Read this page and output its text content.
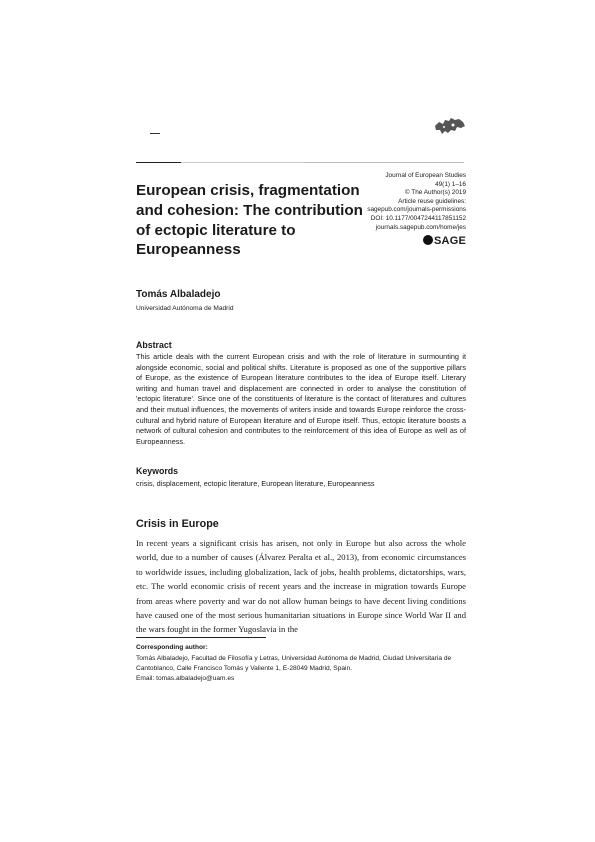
Journal of European Studies
49(1) 1–16
© The Author(s) 2019
Article reuse guidelines:
sagepub.com/journals-permissions
DOI: 10.1177/0047244117851152
journals.sagepub.com/home/jes
SAGE
European crisis, fragmentation and cohesion: The contribution of ectopic literature to Europeanness
Tomás Albaladejo
Universidad Autónoma de Madrid
Abstract

This article deals with the current European crisis and with the role of literature in surmounting it alongside economic, social and political shifts. Literature is proposed as one of the supportive pillars of Europe, as the existence of European literature contributes to the idea of Europe itself. Literary writing and human travel and displacement are connected in order to analyse the constitution of 'ectopic literature'. Since one of the constituents of literature is the contact of literatures and cultures and their mutual influences, the movements of writers inside and towards Europe reinforce the cross-cultural and hybrid nature of European literature and of Europe itself. Thus, ectopic literature boosts a network of cultural cohesion and contributes to the reinforcement of this idea of Europe as well as of Europeanness.

Keywords
crisis, displacement, ectopic literature, European literature, Europeanness
Crisis in Europe

In recent years a significant crisis has arisen, not only in Europe but also across the whole world, due to a number of causes (Álvarez Peralta et al., 2013), from economic circumstances to worldwide issues, including globalization, lack of jobs, health problems, dictatorships, wars, etc. The world economic crisis of recent years and the increase in migration towards Europe from areas where poverty and war do not allow human beings to have decent living conditions have caused one of the most serious humanitarian situations in Europe since World War II and the wars fought in the former Yugoslavia in the

Corresponding author:
Tomás Albaladejo, Facultad de Filosofía y Letras, Universidad Autónoma de Madrid, Ciudad Universitaria de Cantoblanco, Calle Francisco Tomás y Valiente 1, E-28049 Madrid, Spain.
Email: tomas.albaladejo@uam.es
